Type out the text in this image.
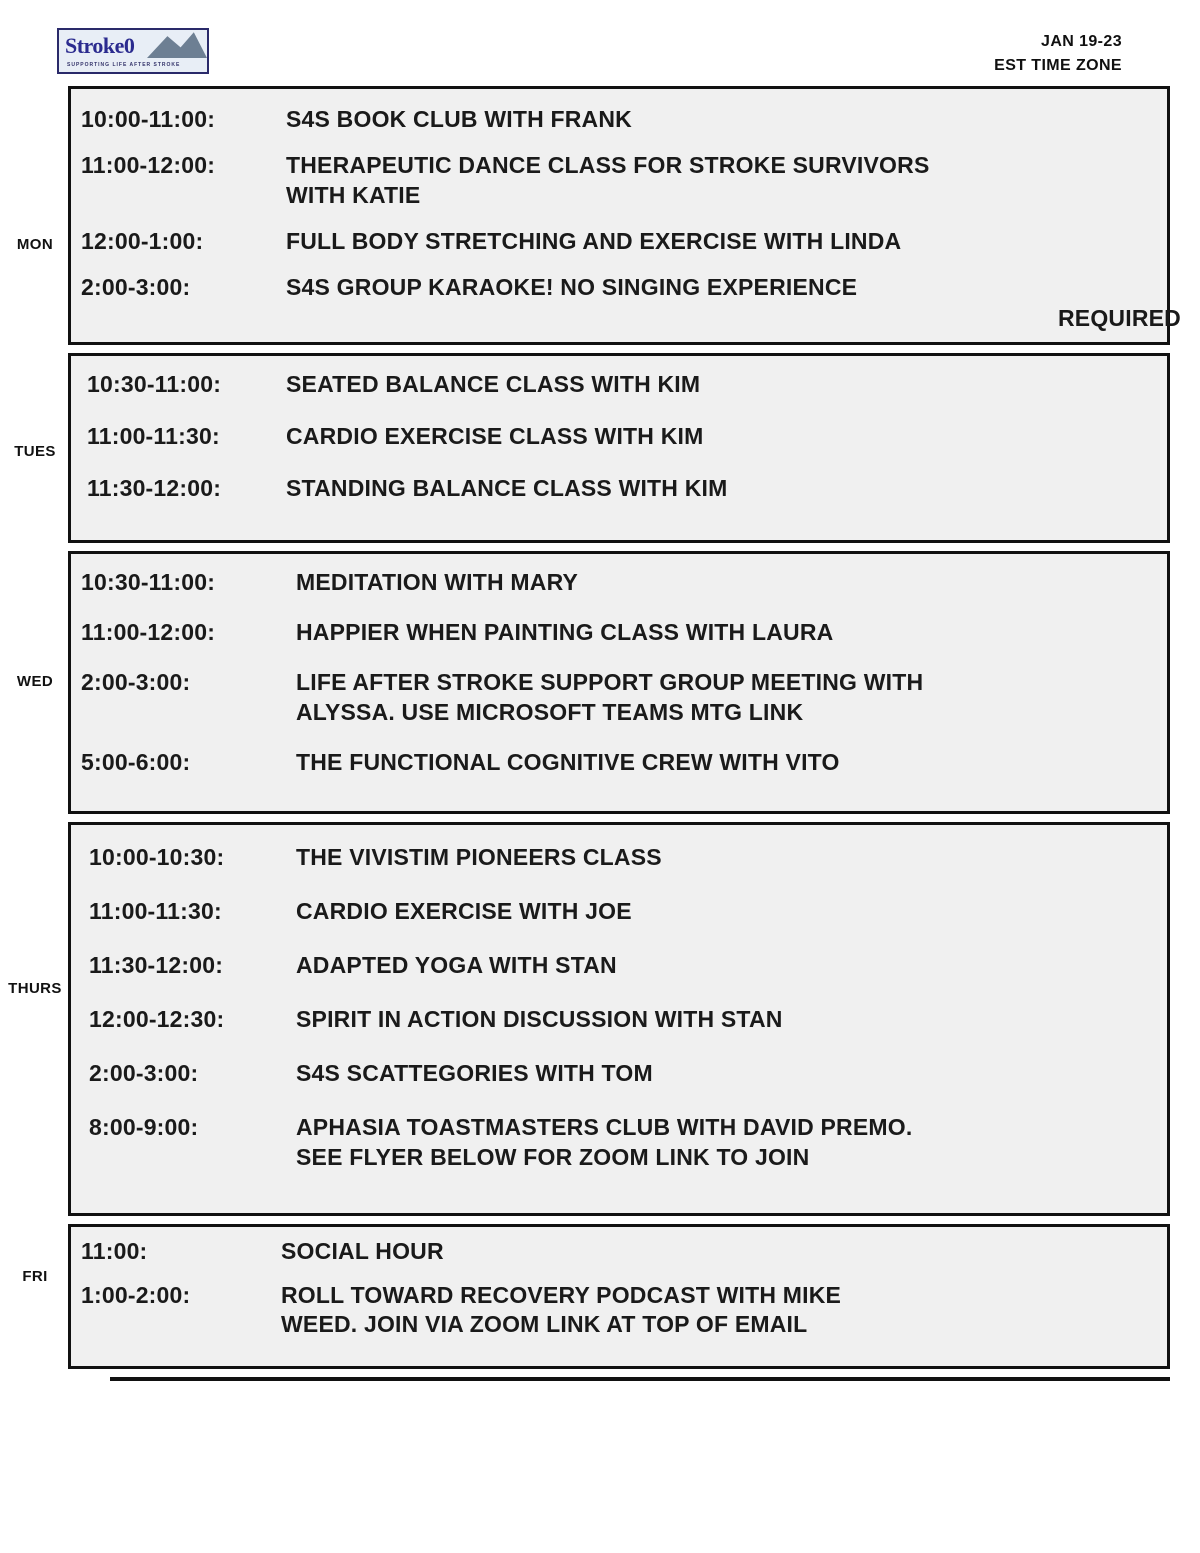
Stroke0
SUPPORTING LIFE AFTER STROKE
JAN 19-23
EST TIME ZONE
MON
10:00-11:00:	S4S BOOK CLUB WITH FRANK
11:00-12:00:	THERAPEUTIC DANCE CLASS FOR STROKE SURVIVORS
WITH KATIE
12:00-1:00:	FULL BODY STRETCHING AND EXERCISE WITH LINDA
2:00-3:00:	S4S GROUP KARAOKE! NO SINGING EXPERIENCE
REQUIRED
TUES
10:30-11:00:	SEATED BALANCE CLASS WITH KIM
11:00-11:30:	CARDIO EXERCISE CLASS WITH KIM
11:30-12:00:	STANDING BALANCE CLASS WITH KIM
WED
10:30-11:00:	MEDITATION WITH MARY
11:00-12:00:	HAPPIER WHEN PAINTING CLASS WITH LAURA
2:00-3:00:	LIFE AFTER STROKE SUPPORT GROUP MEETING WITH
ALYSSA. USE MICROSOFT TEAMS MTG LINK
5:00-6:00:	THE FUNCTIONAL COGNITIVE CREW WITH VITO
THURS
10:00-10:30:	THE VIVISTIM PIONEERS CLASS
11:00-11:30:	CARDIO EXERCISE WITH JOE
11:30-12:00:	ADAPTED YOGA WITH STAN
12:00-12:30:	SPIRIT IN ACTION DISCUSSION WITH STAN
2:00-3:00:	S4S SCATTEGORIES WITH TOM
8:00-9:00:	APHASIA TOASTMASTERS CLUB WITH DAVID PREMO.
SEE FLYER BELOW FOR ZOOM LINK TO JOIN
FRI
11:00:	SOCIAL HOUR
1:00-2:00:	ROLL TOWARD RECOVERY PODCAST WITH MIKE
WEED. JOIN VIA ZOOM LINK AT TOP OF EMAIL
